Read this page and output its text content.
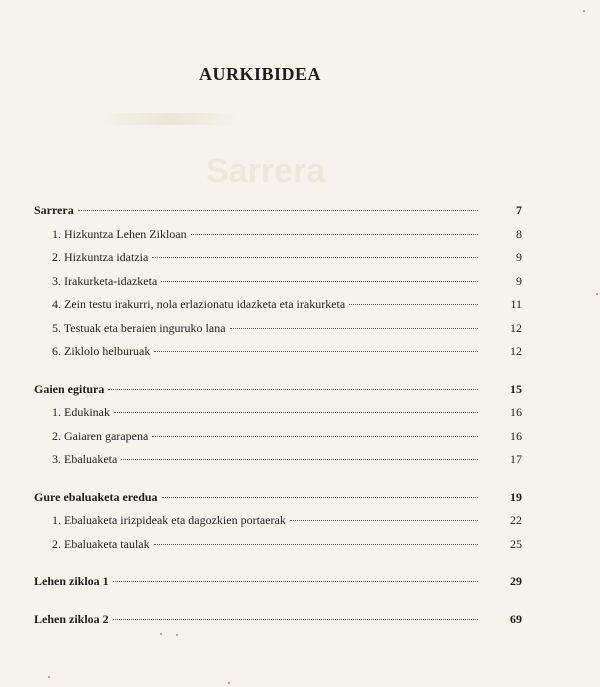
Sarrera
AURKIBIDEA
Sarrera	7
1. Hizkuntza Lehen Zikloan	8
2. Hizkuntza idatzia	9
3. Irakurketa-idazketa	9
4. Zein testu irakurri, nola erlazionatu idazketa eta irakurketa	11
5. Testuak eta beraien inguruko lana	12
6. Ziklolo helburuak	12
Gaien egitura	15
1. Edukinak	16
2. Gaiaren garapena	16
3. Ebaluaketa	17
Gure ebaluaketa eredua	19
1. Ebaluaketa irizpideak eta dagozkien portaerak	22
2. Ebaluaketa taulak	25
Lehen zikloa 1	29
Lehen zikloa 2	69
